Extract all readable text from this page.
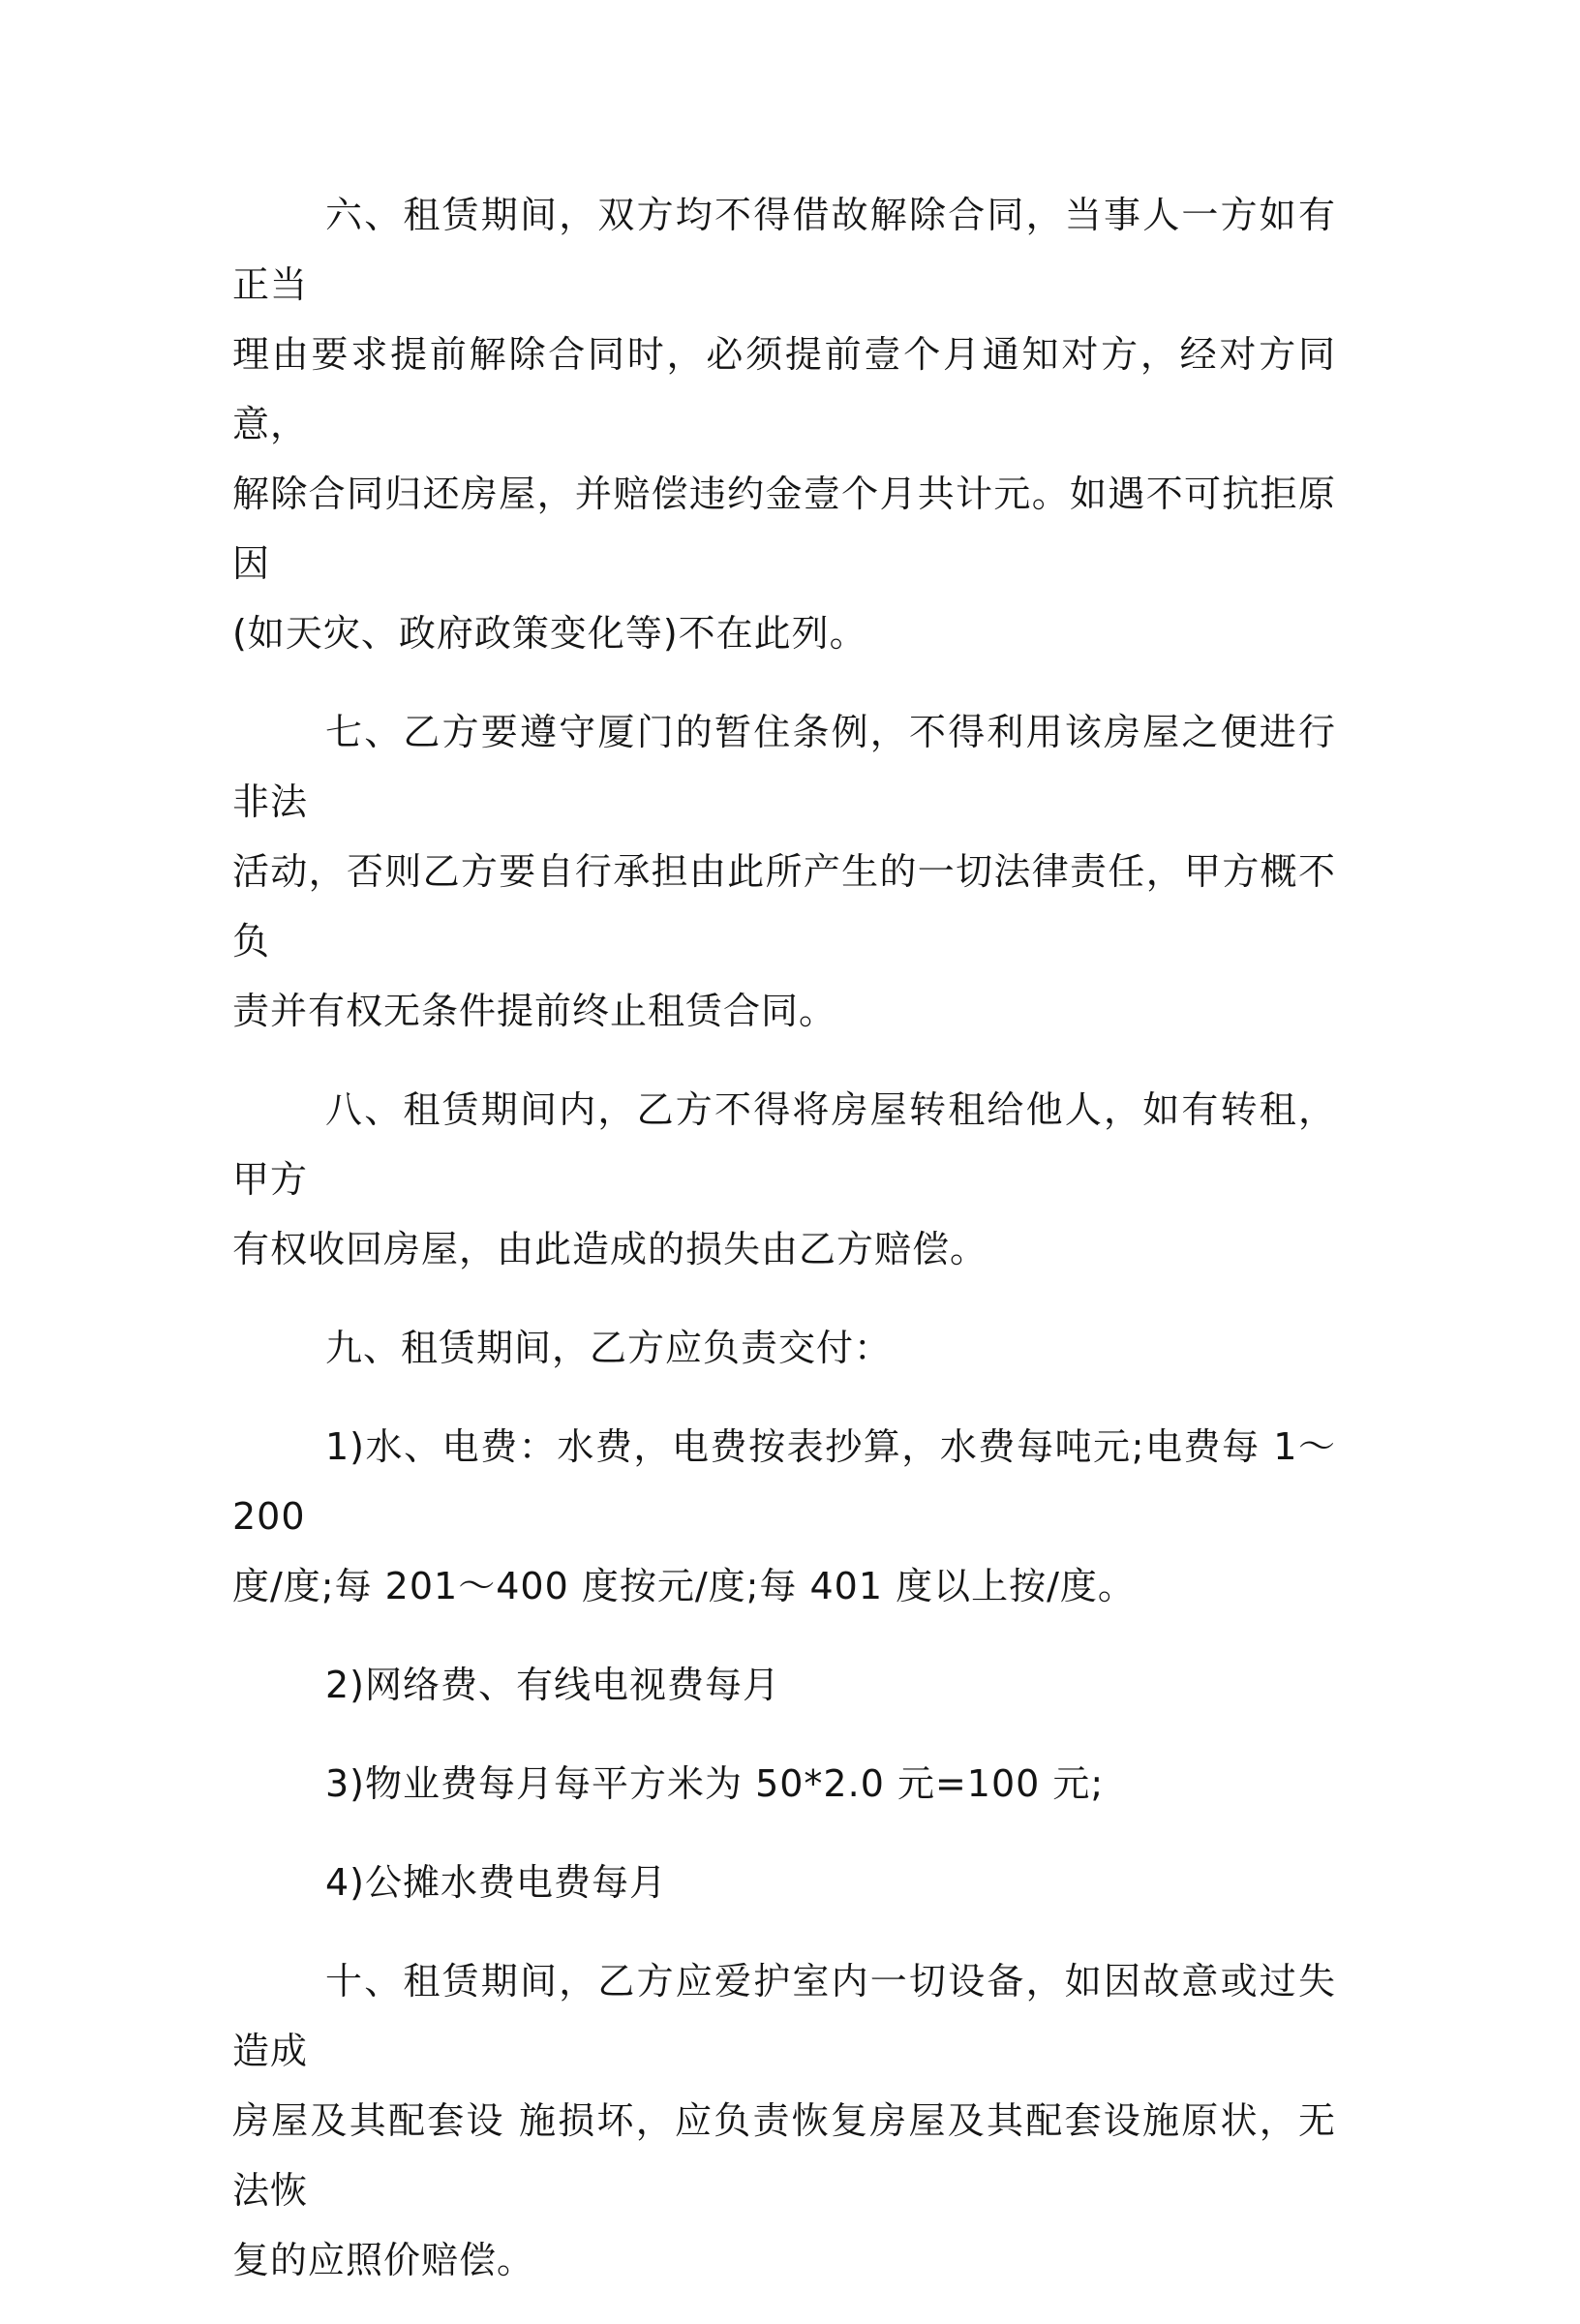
六、租赁期间，双方均不得借故解除合同，当事人一方如有正当
理由要求提前解除合同时，必须提前壹个月通知对方，经对方同意，
解除合同归还房屋，并赔偿违约金壹个月共计元。如遇不可抗拒原因
(如天灾、政府政策变化等)不在此列。

七、乙方要遵守厦门的暂住条例，不得利用该房屋之便进行非法
活动，否则乙方要自行承担由此所产生的一切法律责任，甲方概不负
责并有权无条件提前终止租赁合同。

八、租赁期间内，乙方不得将房屋转租给他人，如有转租，甲方
有权收回房屋，由此造成的损失由乙方赔偿。

九、租赁期间，乙方应负责交付：

1)水、电费：水费，电费按表抄算，水费每吨元;电费每 1～200
度/度;每 201～400 度按元/度;每 401 度以上按/度。

2)网络费、有线电视费每月

3)物业费每月每平方米为 50*2.0 元=100 元;

4)公摊水费电费每月

十、租赁期间，乙方应爱护室内一切设备，如因故意或过失造成
房屋及其配套设 施损坏，应负责恢复房屋及其配套设施原状，无法恢
复的应照价赔偿。
